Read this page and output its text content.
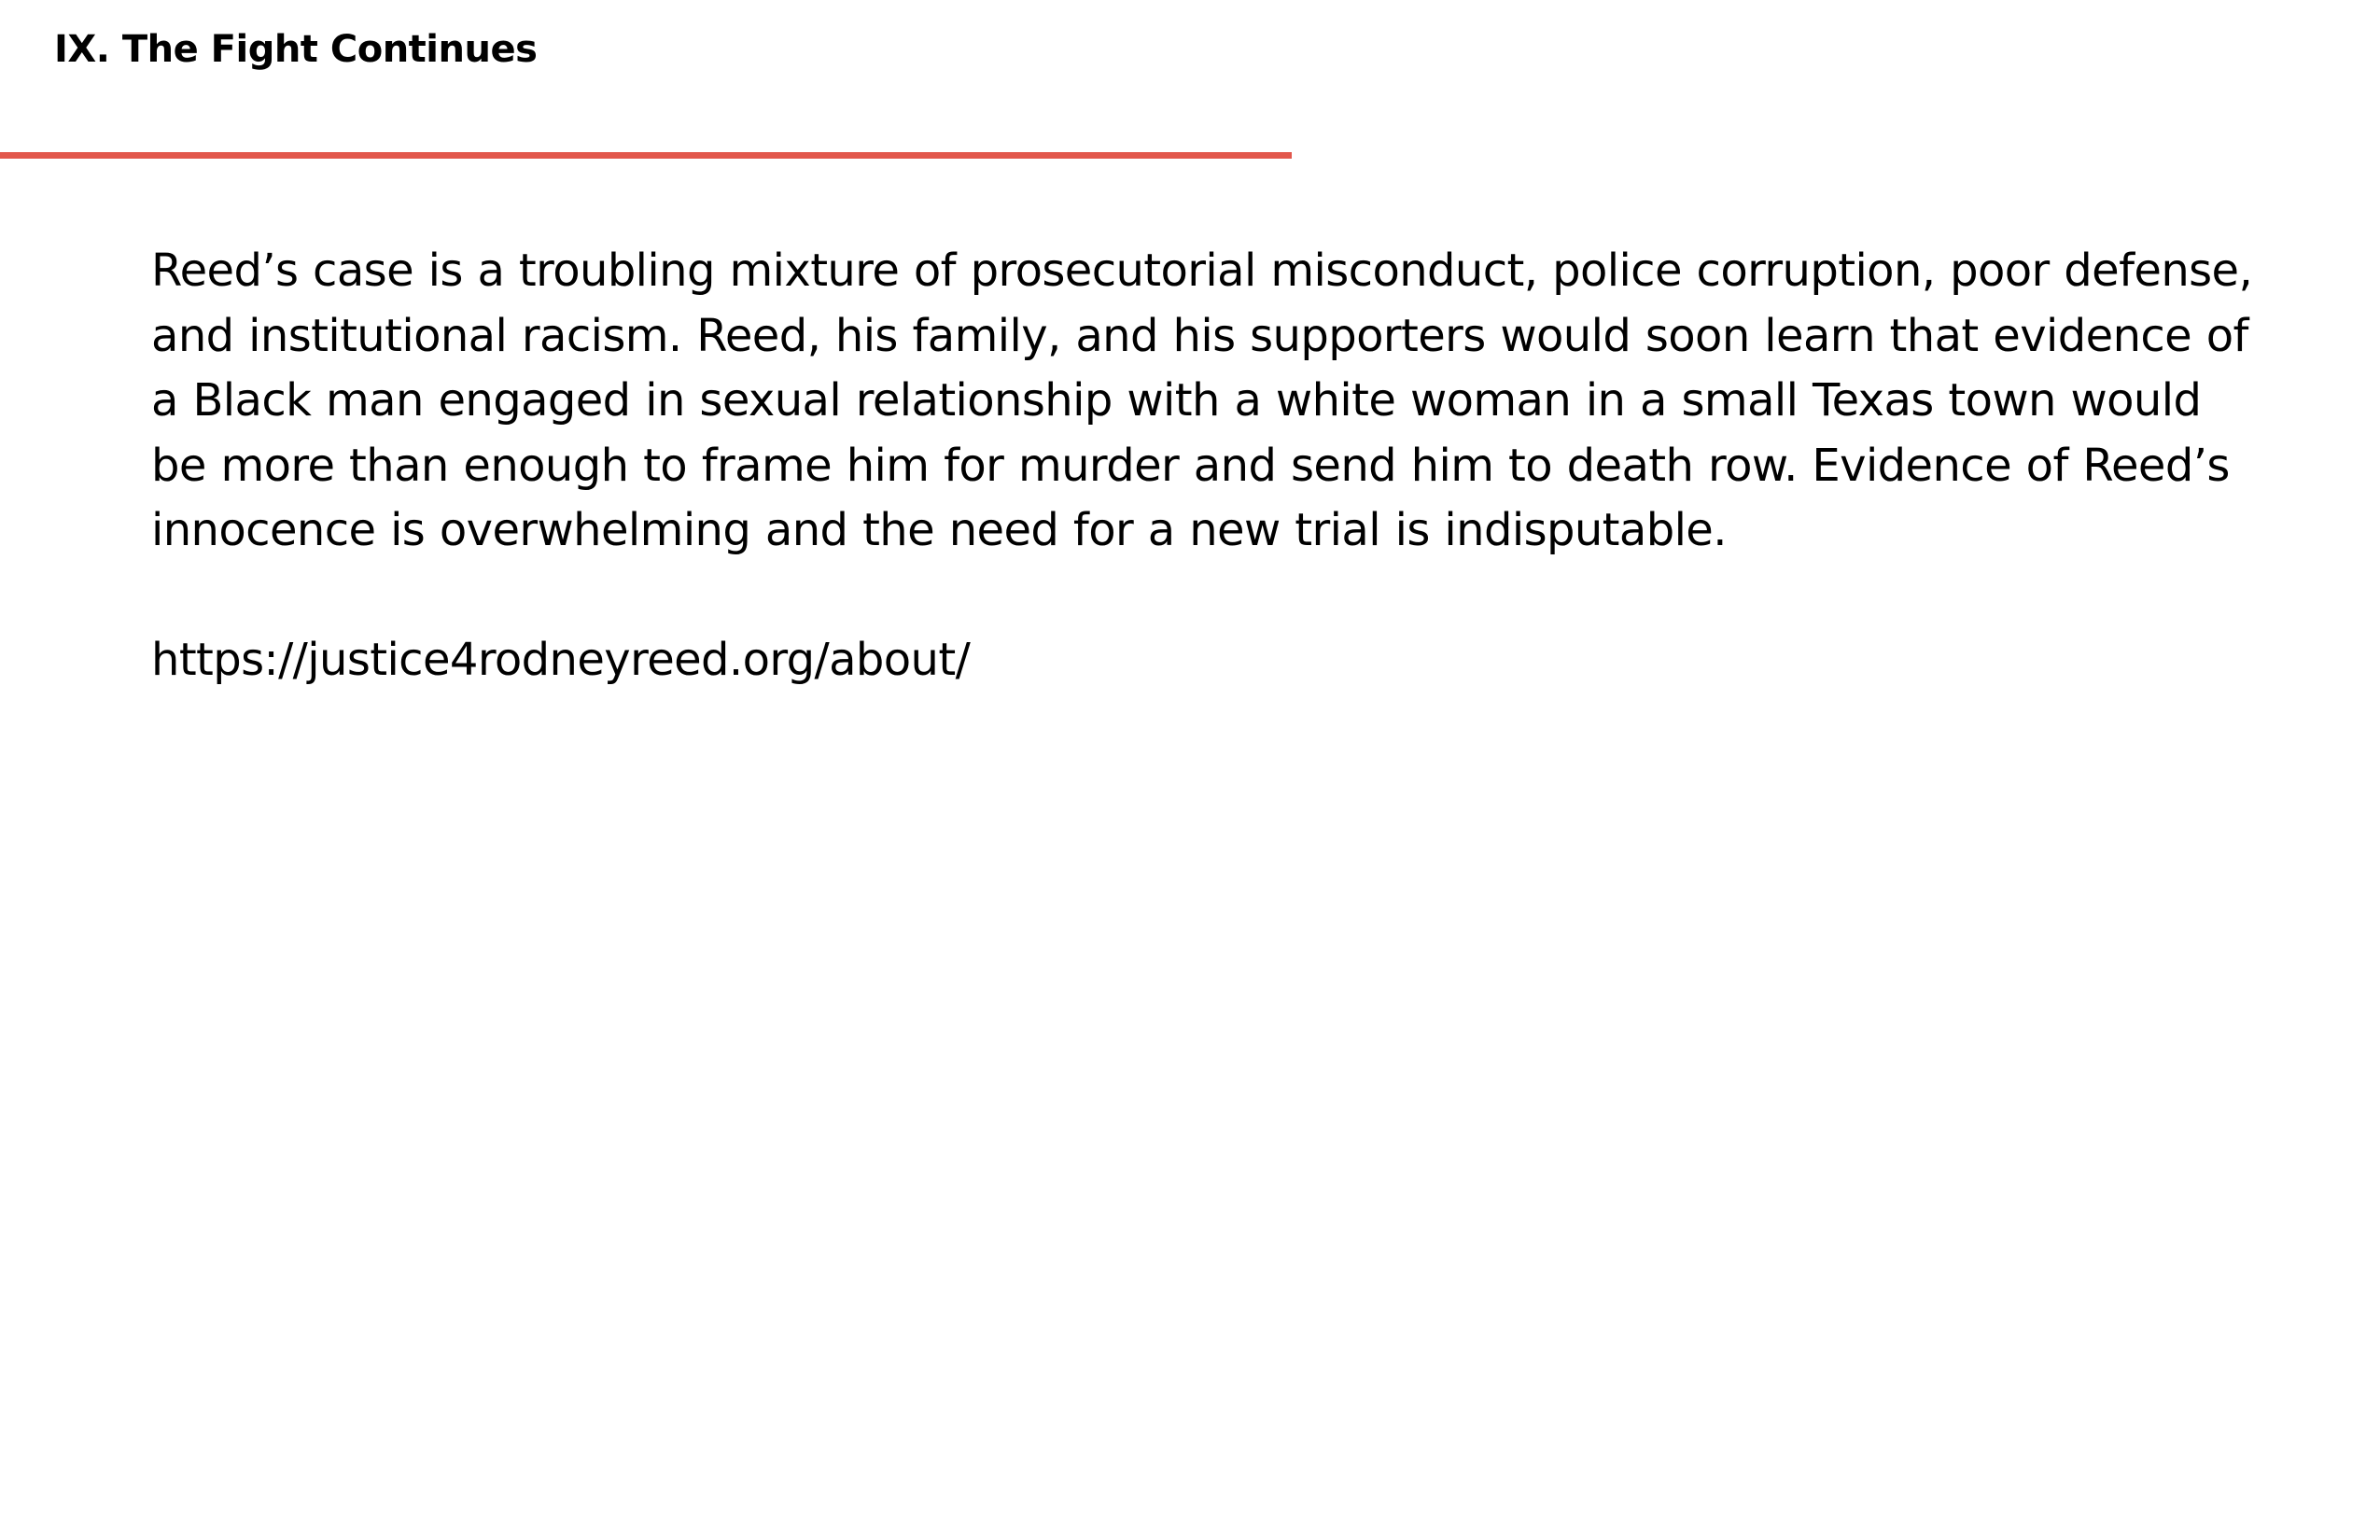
IX. The Fight Continues

Reed’s case is a troubling mixture of prosecutorial misconduct, police corruption, poor defense, and institutional racism. Reed, his family, and his supporters would soon learn that evidence of a Black man engaged in sexual relationship with a white woman in a small Texas town would be more than enough to frame him for murder and send him to death row. Evidence of Reed’s innocence is overwhelming and the need for a new trial is indisputable.

https://justice4rodneyreed.org/about/
